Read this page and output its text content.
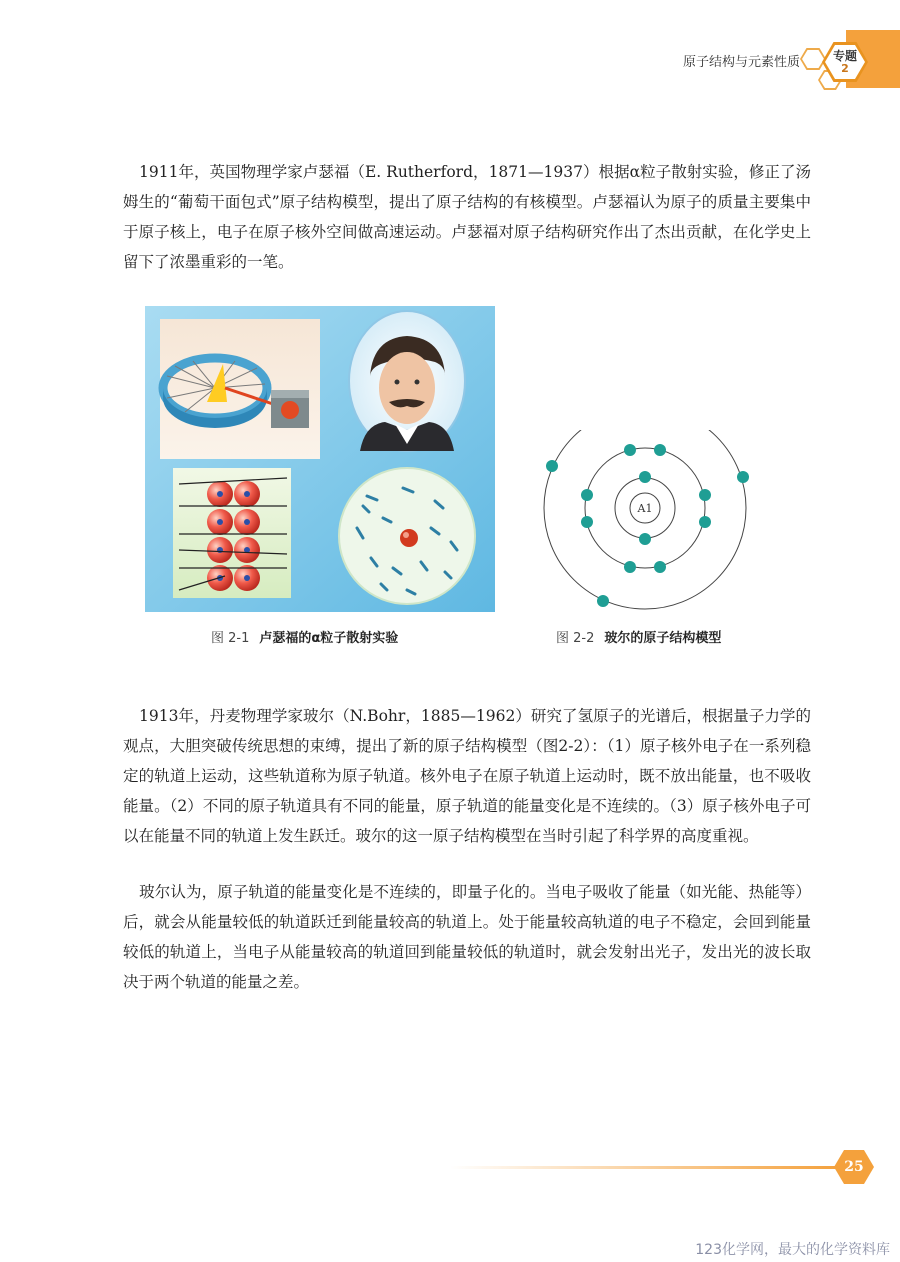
原子结构与元素性质	专题
2

1911年，英国物理学家卢瑟福（E. Rutherford，1871—1937）根据α粒子散射实验，修正了汤姆生的“葡萄干面包式”原子结构模型，提出了原子结构的有核模型。卢瑟福认为原子的质量主要集中于原子核上，电子在原子核外空间做高速运动。卢瑟福对原子结构研究作出了杰出贡献，在化学史上留下了浓墨重彩的一笔。

图 2-1 卢瑟福的α粒子散射实验
A1
图 2-2 玻尔的原子结构模型

1913年，丹麦物理学家玻尔（N.Bohr，1885—1962）研究了氢原子的光谱后，根据量子力学的观点，大胆突破传统思想的束缚，提出了新的原子结构模型（图2-2）：（1）原子核外电子在一系列稳定的轨道上运动，这些轨道称为原子轨道。核外电子在原子轨道上运动时，既不放出能量，也不吸收能量。（2）不同的原子轨道具有不同的能量，原子轨道的能量变化是不连续的。（3）原子核外电子可以在能量不同的轨道上发生跃迁。玻尔的这一原子结构模型在当时引起了科学界的高度重视。

玻尔认为，原子轨道的能量变化是不连续的，即量子化的。当电子吸收了能量（如光能、热能等）后，就会从能量较低的轨道跃迁到能量较高的轨道上。处于能量较高轨道的电子不稳定，会回到能量较低的轨道上，当电子从能量较高的轨道回到能量较低的轨道时，就会发射出光子，发出光的波长取决于两个轨道的能量之差。

25
123化学网，最大的化学资料库
